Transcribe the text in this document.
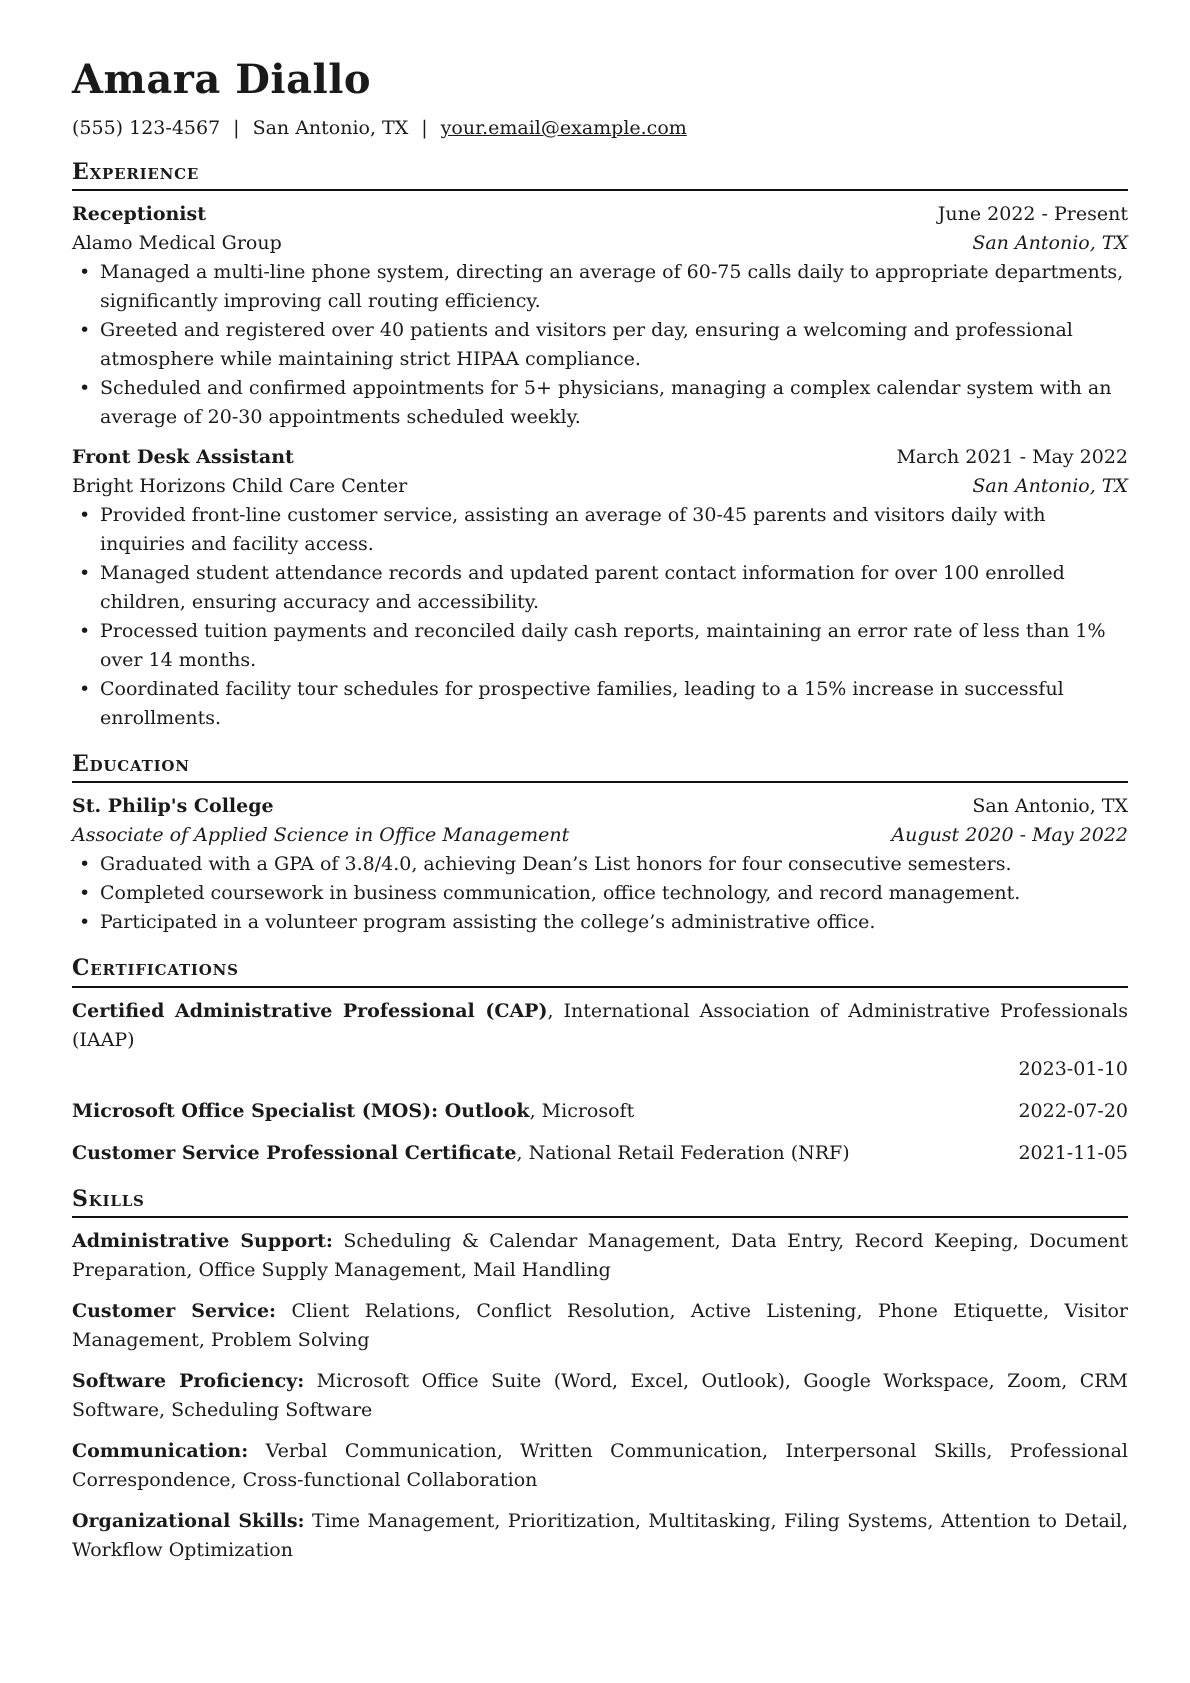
Amara Diallo
(555) 123-4567 | San Antonio, TX | your.email@example.com
Experience
Receptionist	June 2022 - Present
Alamo Medical Group	San Antonio, TX
• Managed a multi-line phone system, directing an average of 60-75 calls daily to appropriate departments, significantly improving call routing efficiency.
• Greeted and registered over 40 patients and visitors per day, ensuring a welcoming and professional atmosphere while maintaining strict HIPAA compliance.
• Scheduled and confirmed appointments for 5+ physicians, managing a complex calendar system with an average of 20-30 appointments scheduled weekly.
Front Desk Assistant	March 2021 - May 2022
Bright Horizons Child Care Center	San Antonio, TX
• Provided front-line customer service, assisting an average of 30-45 parents and visitors daily with inquiries and facility access.
• Managed student attendance records and updated parent contact information for over 100 enrolled children, ensuring accuracy and accessibility.
• Processed tuition payments and reconciled daily cash reports, maintaining an error rate of less than 1% over 14 months.
• Coordinated facility tour schedules for prospective families, leading to a 15% increase in successful enrollments.
Education
St. Philip's College	San Antonio, TX
Associate of Applied Science in Office Management	August 2020 - May 2022
• Graduated with a GPA of 3.8/4.0, achieving Dean’s List honors for four consecutive semesters.
• Completed coursework in business communication, office technology, and record management.
• Participated in a volunteer program assisting the college’s administrative office.
Certifications
Certified Administrative Professional (CAP), International Association of Administrative Professionals (IAAP)
2023-01-10
Microsoft Office Specialist (MOS): Outlook, Microsoft	2022-07-20
Customer Service Professional Certificate, National Retail Federation (NRF)	2021-11-05
Skills
Administrative Support: Scheduling & Calendar Management, Data Entry, Record Keeping, Document Preparation, Office Supply Management, Mail Handling
Customer Service: Client Relations, Conflict Resolution, Active Listening, Phone Etiquette, Visitor Management, Problem Solving
Software Proficiency: Microsoft Office Suite (Word, Excel, Outlook), Google Workspace, Zoom, CRM Software, Scheduling Software
Communication: Verbal Communication, Written Communication, Interpersonal Skills, Professional Correspondence, Cross-functional Collaboration
Organizational Skills: Time Management, Prioritization, Multitasking, Filing Systems, Attention to Detail, Workflow Optimization
